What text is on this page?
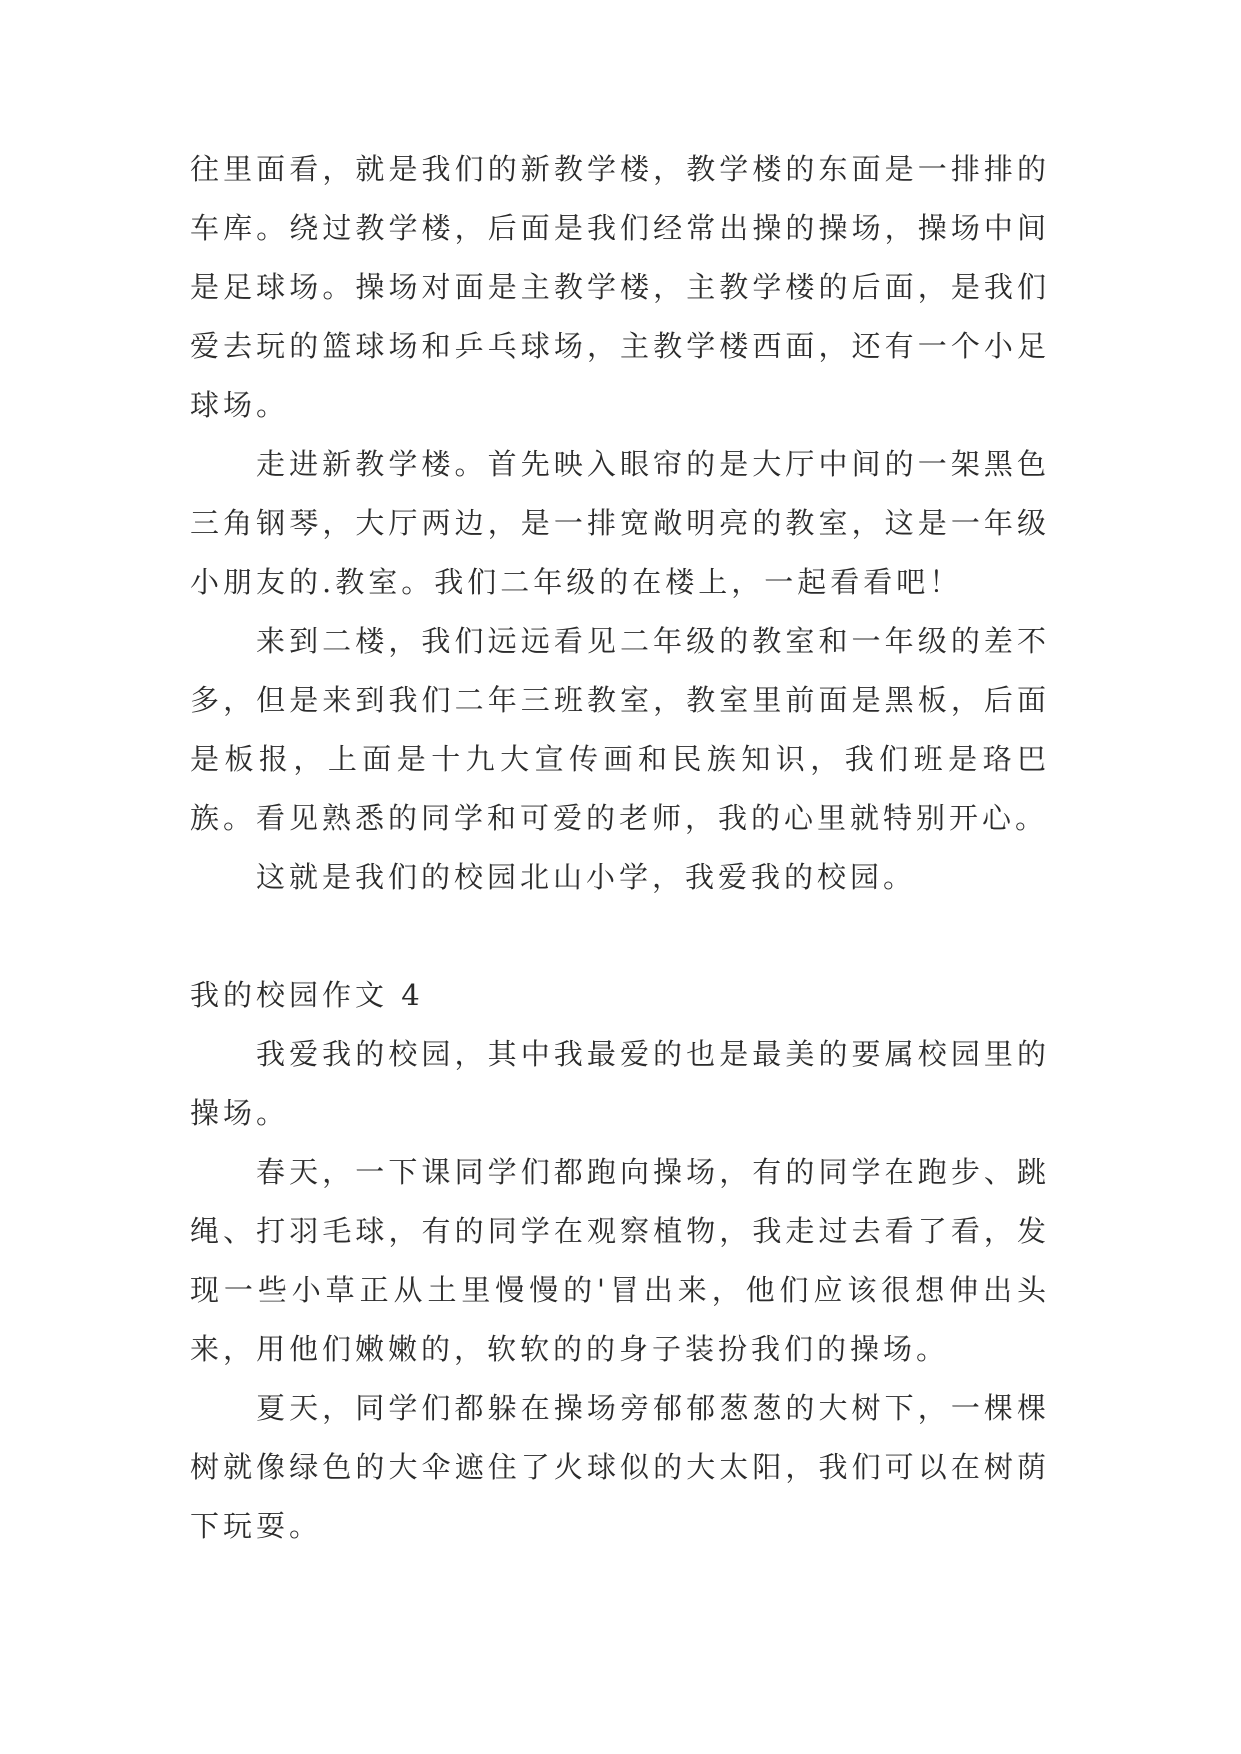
往里面看，就是我们的新教学楼，教学楼的东面是一排排的车库。绕过教学楼，后面是我们经常出操的操场，操场中间是足球场。操场对面是主教学楼，主教学楼的后面，是我们爱去玩的篮球场和乒乓球场，主教学楼西面，还有一个小足球场。

走进新教学楼。首先映入眼帘的是大厅中间的一架黑色三角钢琴，大厅两边，是一排宽敞明亮的教室，这是一年级小朋友的.教室。我们二年级的在楼上，一起看看吧！

来到二楼，我们远远看见二年级的教室和一年级的差不多，但是来到我们二年三班教室，教室里前面是黑板，后面是板报，上面是十九大宣传画和民族知识，我们班是珞巴族。看见熟悉的同学和可爱的老师，我的心里就特别开心。

这就是我们的校园北山小学，我爱我的校园。

我的校园作文 4

我爱我的校园，其中我最爱的也是最美的要属校园里的操场。

春天，一下课同学们都跑向操场，有的同学在跑步、跳绳、打羽毛球，有的同学在观察植物，我走过去看了看，发现一些小草正从土里慢慢的'冒出来，他们应该很想伸出头来，用他们嫩嫩的，软软的的身子装扮我们的操场。

夏天，同学们都躲在操场旁郁郁葱葱的大树下，一棵棵树就像绿色的大伞遮住了火球似的大太阳，我们可以在树荫下玩耍。
